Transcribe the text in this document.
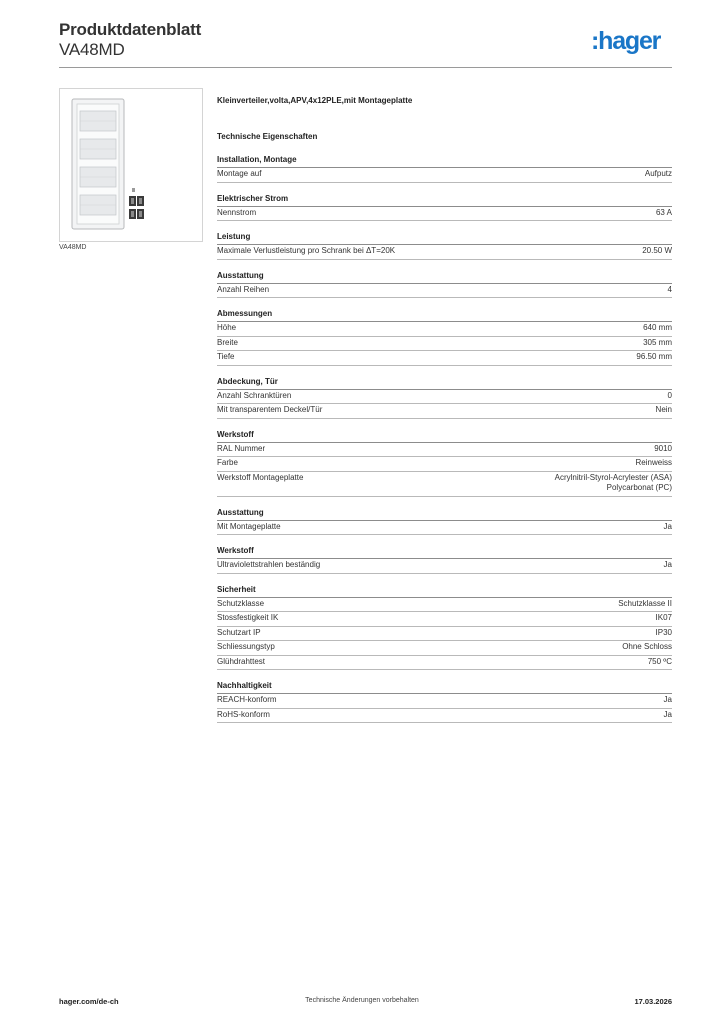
Produktdatenblatt
VA48MD	:hager
VA48MD
Kleinverteiler,volta,APV,4x12PLE,mit Montageplatte
Technische Eigenschaften
Installation, Montage
Montage auf	Aufputz
Elektrischer Strom
Nennstrom	63 A
Leistung
Maximale Verlustleistung pro Schrank bei ΔT=20K	20.50 W
Ausstattung
Anzahl Reihen	4
Abmessungen
Höhe	640 mm
Breite	305 mm
Tiefe	96.50 mm
Abdeckung, Tür
Anzahl Schranktüren	0
Mit transparentem Deckel/Tür	Nein
Werkstoff
RAL Nummer	9010
Farbe	Reinweiss
Werkstoff Montageplatte	Acrylnitril-Styrol-Acrylester (ASA)
Polycarbonat (PC)
Ausstattung
Mit Montageplatte	Ja
Werkstoff
Ultraviolettstrahlen beständig	Ja
Sicherheit
Schutzklasse	Schutzklasse II
Stossfestigkeit IK	IK07
Schutzart IP	IP30
Schliessungstyp	Ohne Schloss
Glühdrahttest	750 ºC
Nachhaltigkeit
REACH-konform	Ja
RoHS-konform	Ja
hager.com/de-ch	Technische Änderungen vorbehalten	17.03.2026
